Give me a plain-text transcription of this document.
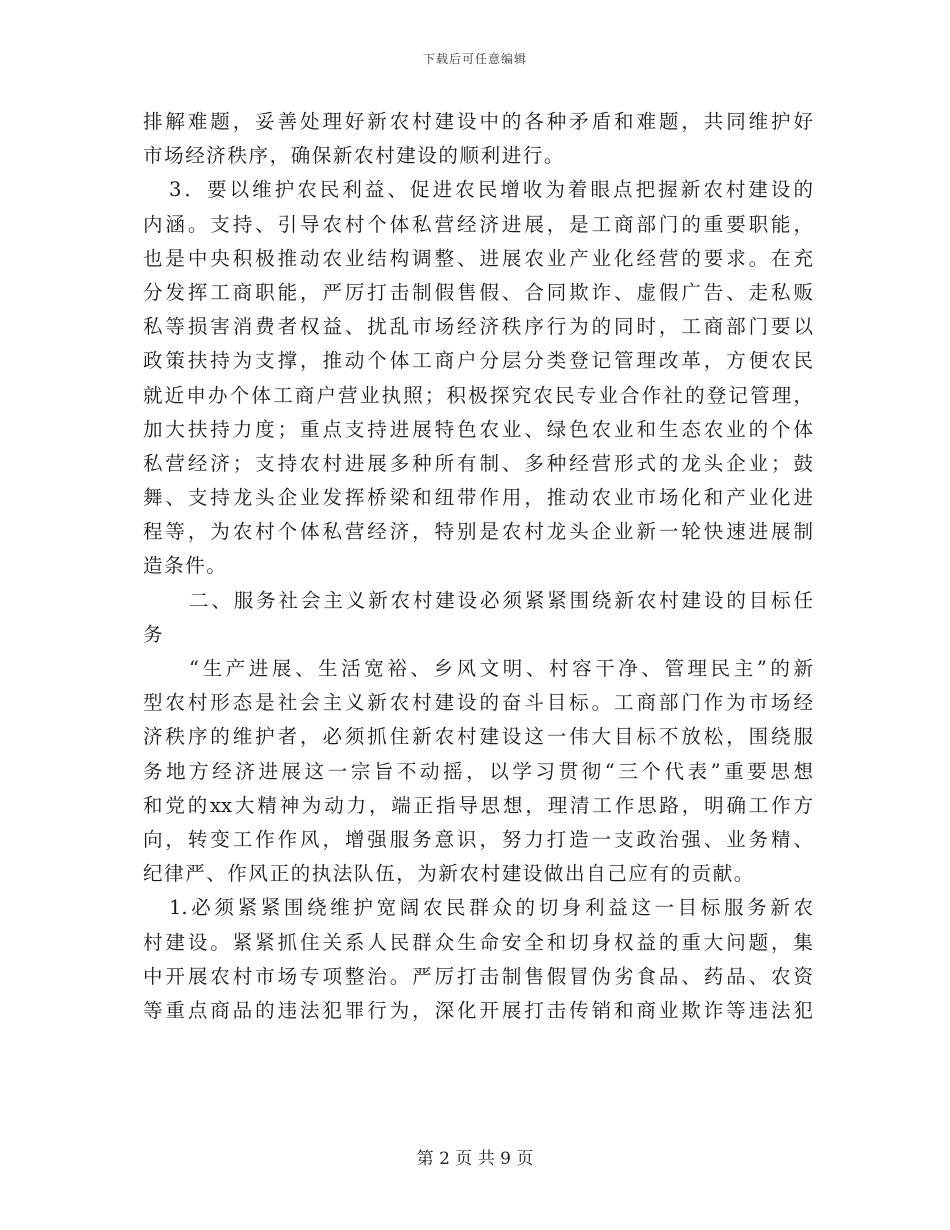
下载后可任意编辑
排解难题，妥善处理好新农村建设中的各种矛盾和难题，共同维护好
市场经济秩序，确保新农村建设的顺利进行。
3．要以维护农民利益、促进农民增收为着眼点把握新农村建设的
内涵。支持、引导农村个体私营经济进展，是工商部门的重要职能，
也是中央积极推动农业结构调整、进展农业产业化经营的要求。在充
分发挥工商职能，严厉打击制假售假、合同欺诈、虚假广告、走私贩
私等损害消费者权益、扰乱市场经济秩序行为的同时，工商部门要以
政策扶持为支撑，推动个体工商户分层分类登记管理改革，方便农民
就近申办个体工商户营业执照；积极探究农民专业合作社的登记管理，
加大扶持力度；重点支持进展特色农业、绿色农业和生态农业的个体
私营经济；支持农村进展多种所有制、多种经营形式的龙头企业；鼓
舞、支持龙头企业发挥桥梁和纽带作用，推动农业市场化和产业化进
程等，为农村个体私营经济，特别是农村龙头企业新一轮快速进展制
造条件。
二、服务社会主义新农村建设必须紧紧围绕新农村建设的目标任
务
“生产进展、生活宽裕、乡风文明、村容干净、管理民主”的新
型农村形态是社会主义新农村建设的奋斗目标。工商部门作为市场经
济秩序的维护者，必须抓住新农村建设这一伟大目标不放松，围绕服
务地方经济进展这一宗旨不动摇，以学习贯彻“三个代表”重要思想
和党的xx大精神为动力，端正指导思想，理清工作思路，明确工作方
向，转变工作作风，增强服务意识，努力打造一支政治强、业务精、
纪律严、作风正的执法队伍，为新农村建设做出自己应有的贡献。
1.必须紧紧围绕维护宽阔农民群众的切身利益这一目标服务新农
村建设。紧紧抓住关系人民群众生命安全和切身权益的重大问题，集
中开展农村市场专项整治。严厉打击制售假冒伪劣食品、药品、农资
等重点商品的违法犯罪行为，深化开展打击传销和商业欺诈等违法犯
第 2 页 共 9 页
